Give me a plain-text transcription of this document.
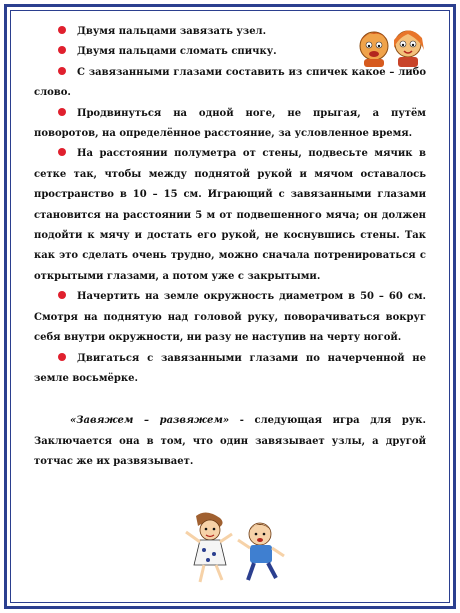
Двумя пальцами завязать узел.

Двумя пальцами сломать спичку.

С завязанными глазами составить из спичек какое – либо слово.

Продвинуться на одной ноге, не прыгая, а путём поворотов, на определённое расстояние, за условленное время.

На расстоянии полуметра от стены, подвесьте мячик в сетке так, чтобы между поднятой рукой и мячом оставалось пространство в 10 – 15 см. Играющий с завязанными глазами становится на расстоянии 5 м от подвешенного мяча; он должен подойти к мячу и достать его рукой, не коснувшись стены. Так как это сделать очень трудно, можно сначала потренироваться с открытыми глазами, а потом уже с закрытыми.

Начертить на земле окружность диаметром в 50 – 60 см. Смотря на поднятую над головой руку, поворачиваться вокруг себя внутри окружности, ни разу не наступив на черту ногой.

Двигаться с завязанными глазами по начерченной не земле восьмёрке.

«Завяжем – развяжем» - следующая игра для рук. Заключается она в том, что один завязывает узлы, а другой тотчас же их развязывает.
